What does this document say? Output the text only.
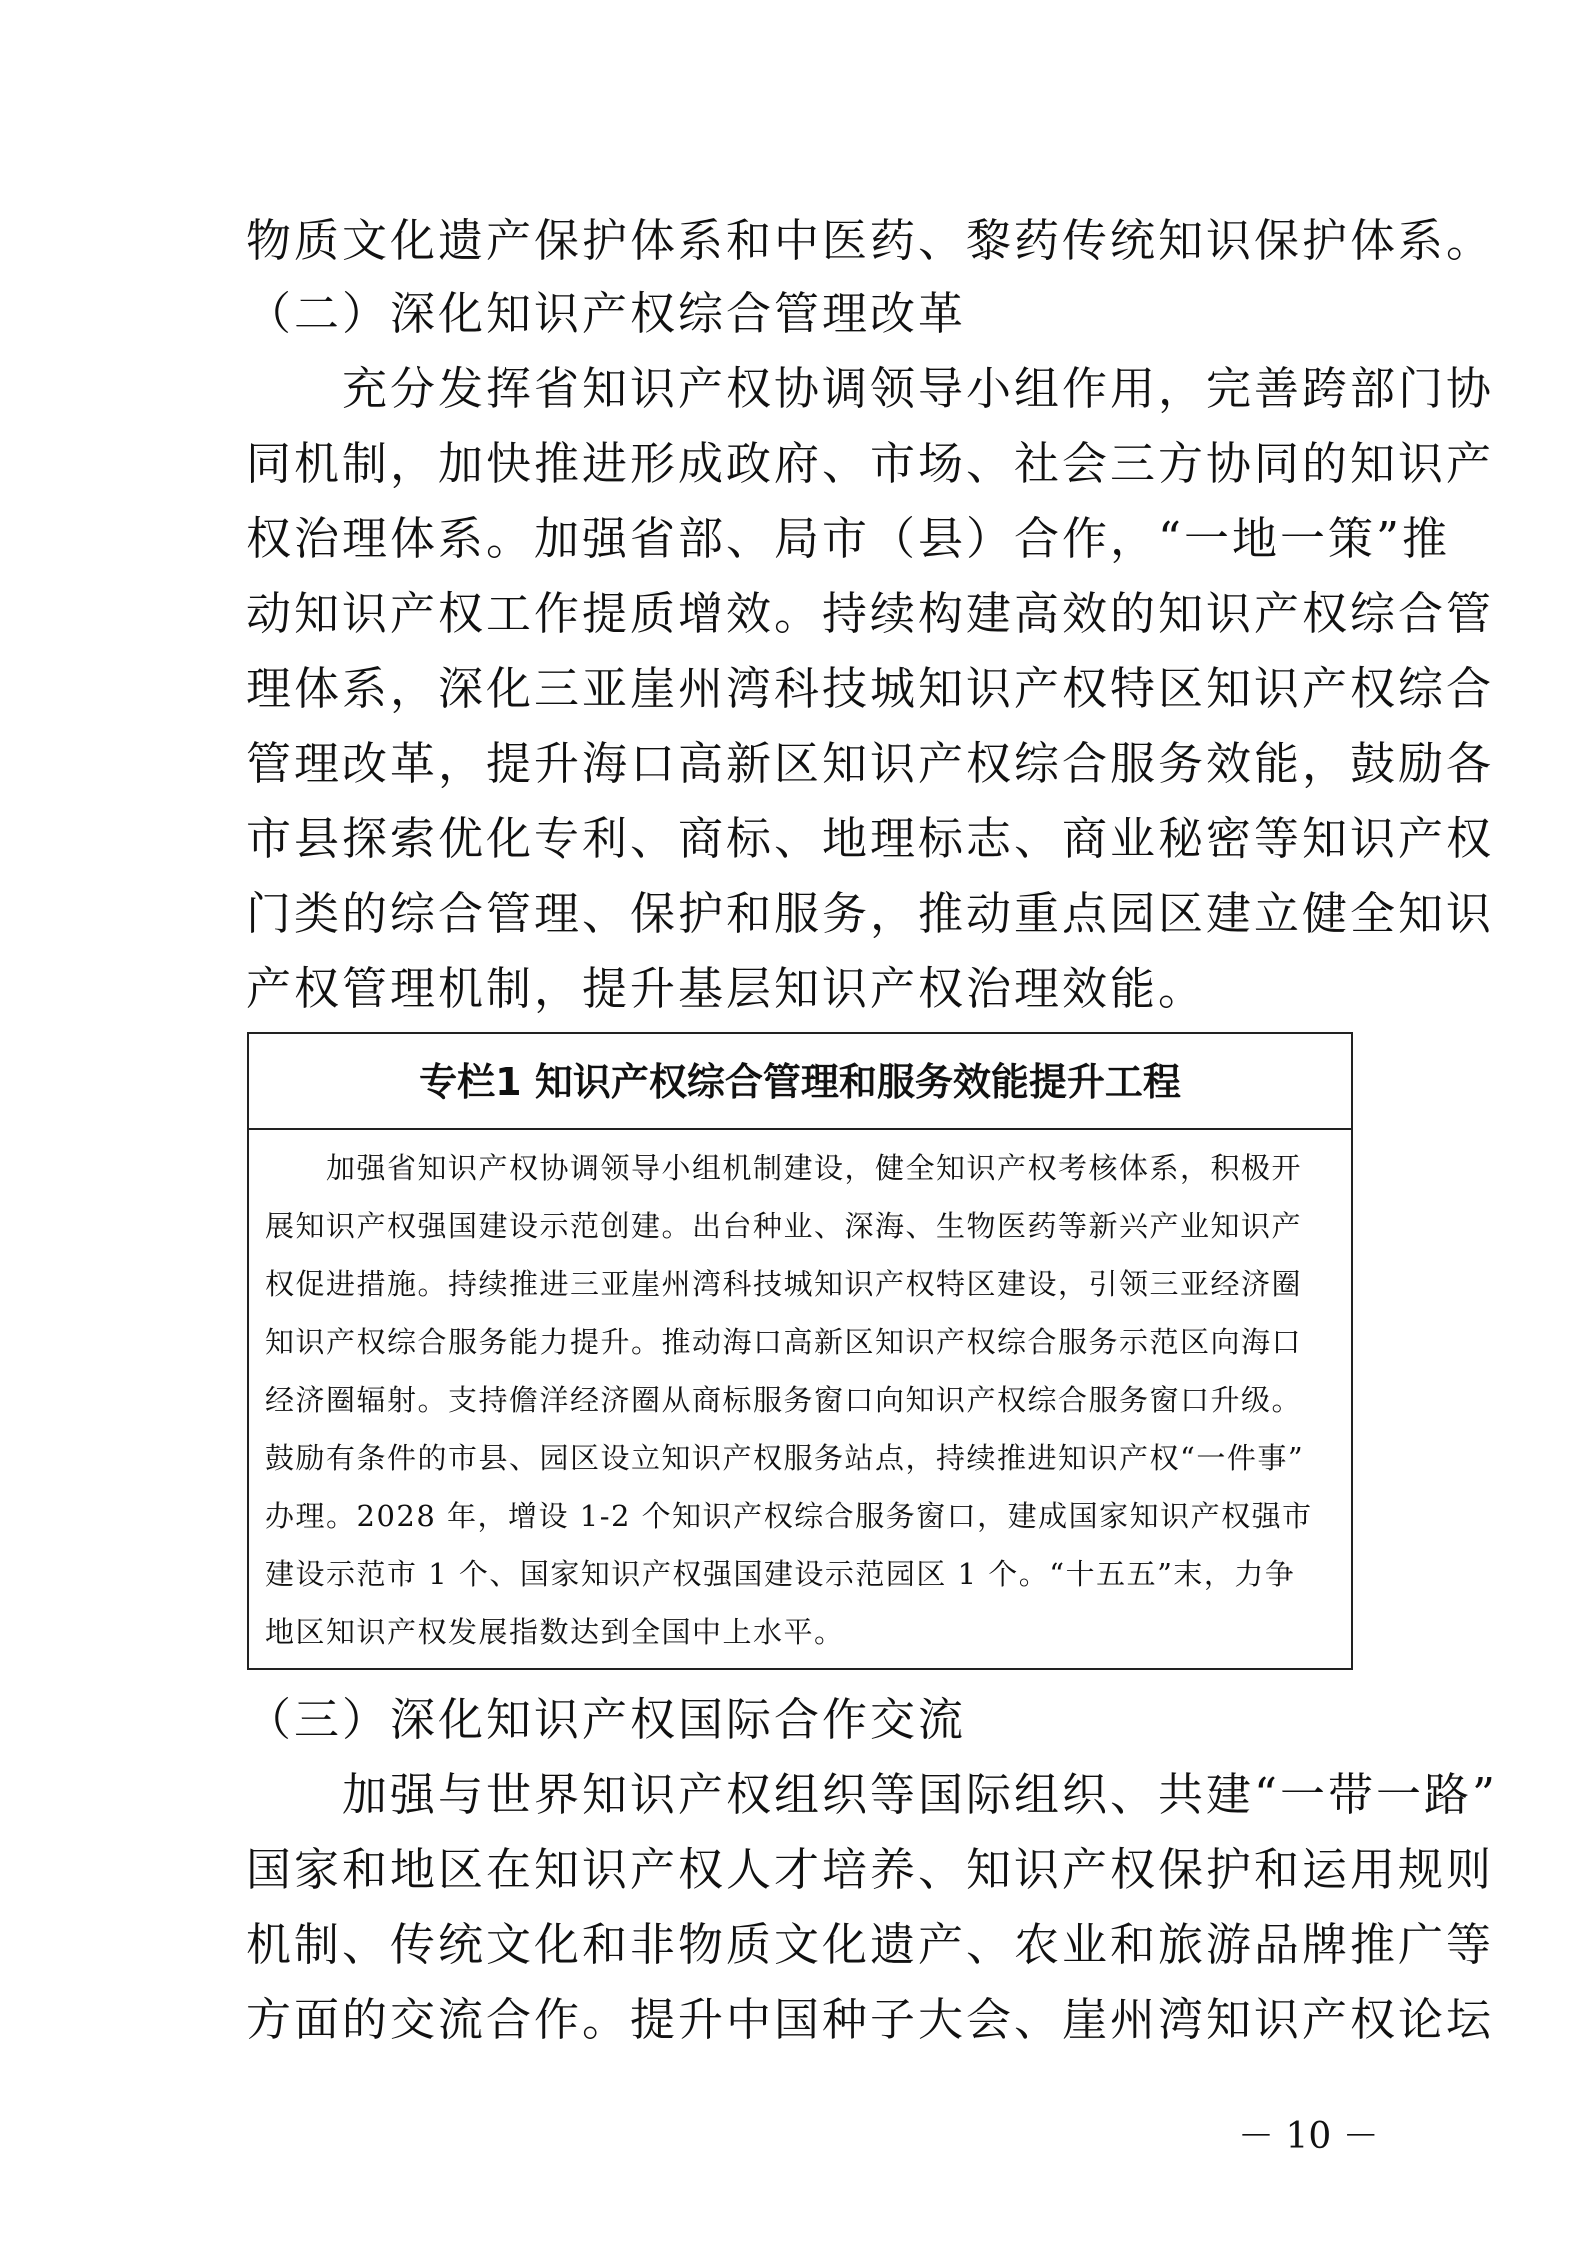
物质文化遗产保护体系和中医药、黎药传统知识保护体系。
（二）深化知识产权综合管理改革
　　充分发挥省知识产权协调领导小组作用，完善跨部门协
同机制，加快推进形成政府、市场、社会三方协同的知识产
权治理体系。加强省部、局市（县）合作，“一地一策”推
动知识产权工作提质增效。持续构建高效的知识产权综合管
理体系，深化三亚崖州湾科技城知识产权特区知识产权综合
管理改革，提升海口高新区知识产权综合服务效能，鼓励各
市县探索优化专利、商标、地理标志、商业秘密等知识产权
门类的综合管理、保护和服务，推动重点园区建立健全知识
产权管理机制，提升基层知识产权治理效能。
专栏1 知识产权综合管理和服务效能提升工程
　　加强省知识产权协调领导小组机制建设，健全知识产权考核体系，积极开
展知识产权强国建设示范创建。出台种业、深海、生物医药等新兴产业知识产
权促进措施。持续推进三亚崖州湾科技城知识产权特区建设，引领三亚经济圈
知识产权综合服务能力提升。推动海口高新区知识产权综合服务示范区向海口
经济圈辐射。支持儋洋经济圈从商标服务窗口向知识产权综合服务窗口升级。
鼓励有条件的市县、园区设立知识产权服务站点，持续推进知识产权“一件事”
办理。2028 年，增设 1-2 个知识产权综合服务窗口，建成国家知识产权强市
建设示范市 1 个、国家知识产权强国建设示范园区 1 个。“十五五”末，力争
地区知识产权发展指数达到全国中上水平。
（三）深化知识产权国际合作交流
　　加强与世界知识产权组织等国际组织、共建“一带一路”
国家和地区在知识产权人才培养、知识产权保护和运用规则
机制、传统文化和非物质文化遗产、农业和旅游品牌推广等
方面的交流合作。提升中国种子大会、崖州湾知识产权论坛
－ 10 －
